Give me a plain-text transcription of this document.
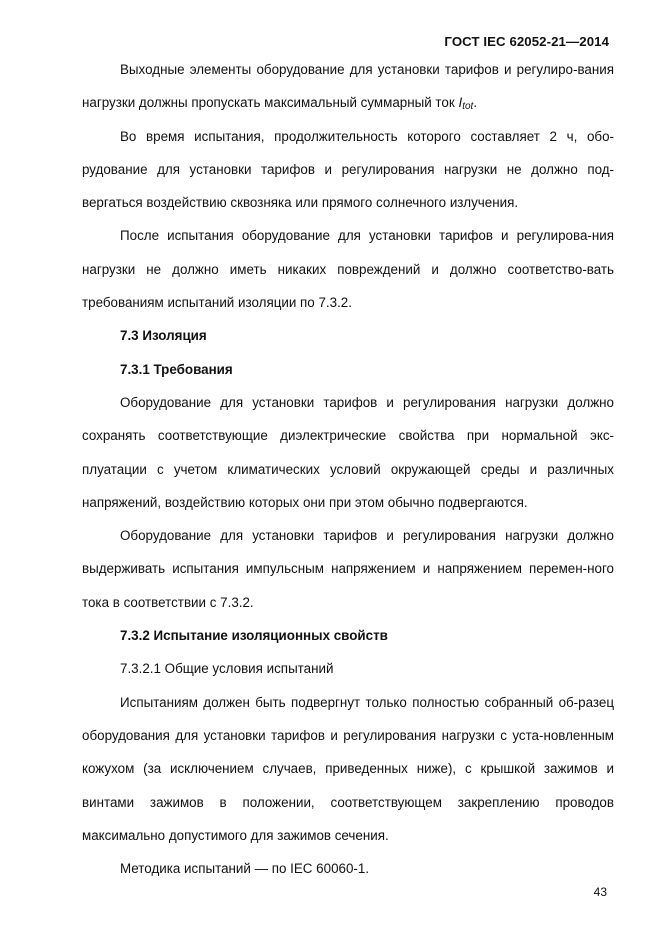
ГОСТ IEC 62052-21—2014

Выходные элементы оборудование для установки тарифов и регулиро-вания нагрузки должны пропускать максимальный суммарный ток $I_{tot}$.

Во время испытания, продолжительность которого составляет 2 ч, обо-рудование для установки тарифов и регулирования нагрузки не должно под-вергаться воздействию сквозняка или прямого солнечного излучения.

После испытания оборудование для установки тарифов и регулирова-ния нагрузки не должно иметь никаких повреждений и должно соответство-вать требованиям испытаний изоляции по 7.3.2.

7.3 Изоляция

7.3.1 Требования

Оборудование для установки тарифов и регулирования нагрузки должно сохранять соответствующие диэлектрические свойства при нормальной экс-плуатации с учетом климатических условий окружающей среды и различных напряжений, воздействию которых они при этом обычно подвергаются.

Оборудование для установки тарифов и регулирования нагрузки должно выдерживать испытания импульсным напряжением и напряжением перемен-ного тока в соответствии с 7.3.2.

7.3.2 Испытание изоляционных свойств

7.3.2.1 Общие условия испытаний

Испытаниям должен быть подвергнут только полностью собранный об-разец оборудования для установки тарифов и регулирования нагрузки с уста-новленным кожухом (за исключением случаев, приведенных ниже), с крышкой зажимов и винтами зажимов в положении, соответствующем закреплению проводов максимально допустимого для зажимов сечения.

Методика испытаний — по IEC 60060-1.

43
